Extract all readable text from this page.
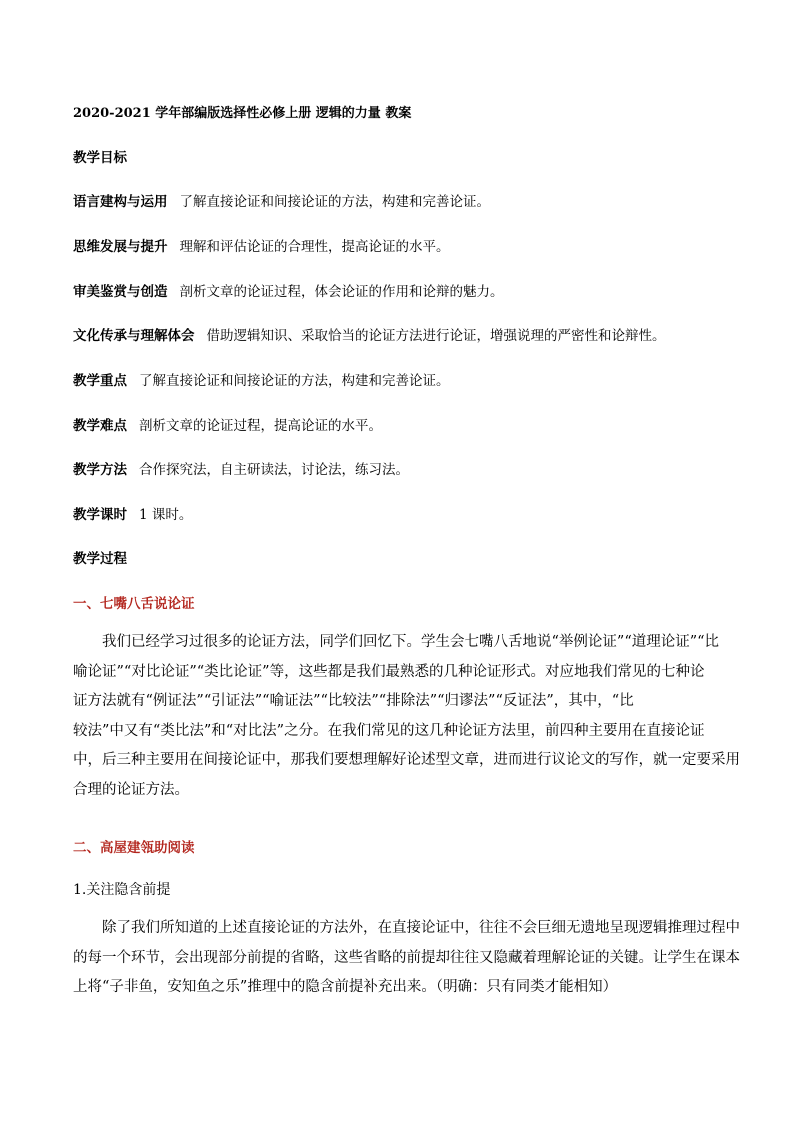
2020-2021 学年部编版选择性必修上册 逻辑的力量 教案
教学目标
语言建构与运用 了解直接论证和间接论证的方法，构建和完善论证。
思维发展与提升 理解和评估论证的合理性，提高论证的水平。
审美鉴赏与创造 剖析文章的论证过程，体会论证的作用和论辩的魅力。
文化传承与理解体会 借助逻辑知识、采取恰当的论证方法进行论证，增强说理的严密性和论辩性。
教学重点 了解直接论证和间接论证的方法，构建和完善论证。
教学难点 剖析文章的论证过程，提高论证的水平。
教学方法 合作探究法，自主研读法，讨论法，练习法。
教学课时 1 课时。
教学过程
一、七嘴八舌说论证
我们已经学习过很多的论证方法，同学们回忆下。学生会七嘴八舌地说“举例论证”“道理论证”“比
喻论证”“对比论证”“类比论证”等，这些都是我们最熟悉的几种论证形式。对应地我们常见的七种论
证方法就有“例证法”“引证法”“喻证法”“比较法”“排除法”“归谬法”“反证法”，其中，“比
较法”中又有“类比法”和“对比法”之分。在我们常见的这几种论证方法里，前四种主要用在直接论证
中，后三种主要用在间接论证中，那我们要想理解好论述型文章，进而进行议论文的写作，就一定要采用
合理的论证方法。
二、高屋建瓴助阅读
1.关注隐含前提
除了我们所知道的上述直接论证的方法外，在直接论证中，往往不会巨细无遗地呈现逻辑推理过程中
的每一个环节，会出现部分前提的省略，这些省略的前提却往往又隐藏着理解论证的关键。让学生在课本
上将“子非鱼，安知鱼之乐”推理中的隐含前提补充出来。（明确：只有同类才能相知）
